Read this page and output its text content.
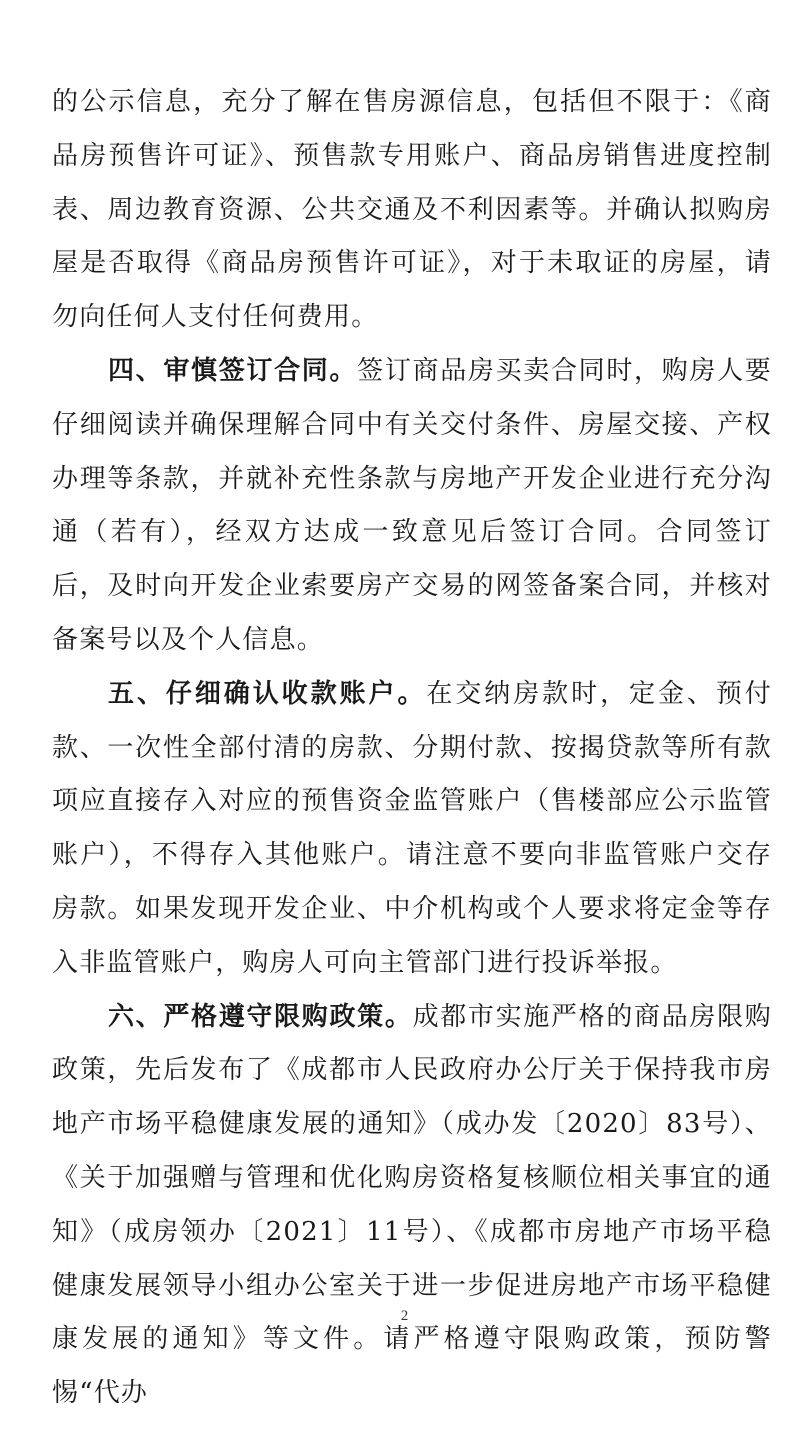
的公示信息，充分了解在售房源信息，包括但不限于：《商品房预售许可证》、预售款专用账户、商品房销售进度控制表、周边教育资源、公共交通及不利因素等。并确认拟购房屋是否取得《商品房预售许可证》，对于未取证的房屋，请勿向任何人支付任何费用。

四、审慎签订合同。签订商品房买卖合同时，购房人要仔细阅读并确保理解合同中有关交付条件、房屋交接、产权办理等条款，并就补充性条款与房地产开发企业进行充分沟通（若有），经双方达成一致意见后签订合同。合同签订后，及时向开发企业索要房产交易的网签备案合同，并核对备案号以及个人信息。

五、仔细确认收款账户。在交纳房款时，定金、预付款、一次性全部付清的房款、分期付款、按揭贷款等所有款项应直接存入对应的预售资金监管账户（售楼部应公示监管账户），不得存入其他账户。请注意不要向非监管账户交存房款。如果发现开发企业、中介机构或个人要求将定金等存入非监管账户，购房人可向主管部门进行投诉举报。

六、严格遵守限购政策。成都市实施严格的商品房限购政策，先后发布了《成都市人民政府办公厅关于保持我市房地产市场平稳健康发展的通知》（成办发〔2020〕83号）、《关于加强赠与管理和优化购房资格复核顺位相关事宜的通知》（成房领办〔2021〕11号）、《成都市房地产市场平稳健康发展领导小组办公室关于进一步促进房地产市场平稳健康发展的通知》等文件。请严格遵守限购政策，预防警惕“代办

2
